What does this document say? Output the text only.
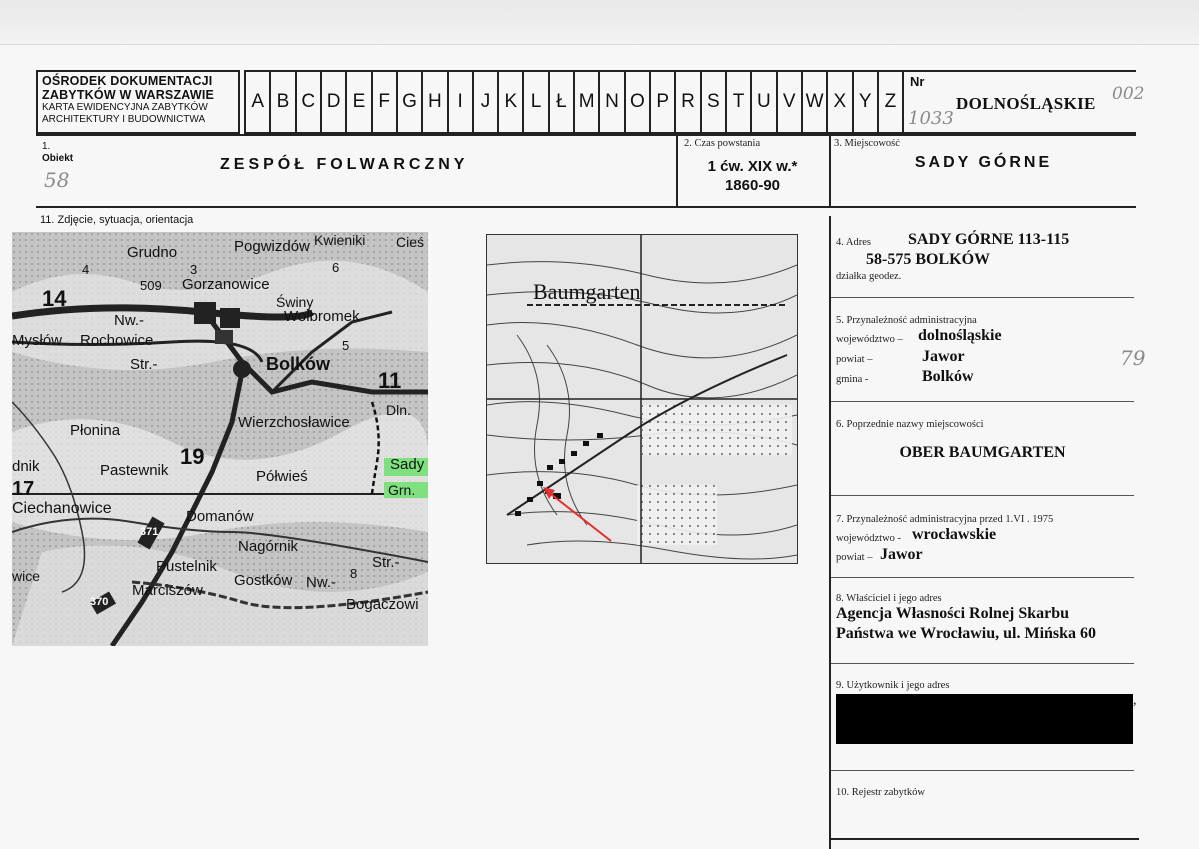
OŚRODEK DOKUMENTACJI
ZABYTKÓW W WARSZAWIE
KARTA EWIDENCYJNA ZABYTKÓW
ARCHITEKTURY I BUDOWNICTWA
A B C D E F G H I J K L Ł M N O P R S T U V W X Y Z
Nr
DOLNOŚLĄSKIE
1033
002
1.
Obiekt
58
ZESPÓŁ FOLWARCZNY
2. Czas powstania
1 ćw. XIX w.*
1860-90
3. Miejscowość
SADY GÓRNE
11. Zdjęcie, sytuacja, orientacja
Grudno	Pogwizdów Kwieniki Cieś
Gorzanowice
Świny
Wolbromek
Nw.-
Mysłów Rochowice
Str.-	Bolków
Płonina	Wierzchosławice
Dln.
Sady
Grn.
Pastewnik	Półwieś
Ciechanowice	Domanów
Nagórnik
Pustelnik
Gostków Nw.-
Str.-
Marciszów
Bogaczowi
dnik
wice
14
11
19
17
3
4
5
6
8
509
371
370
Baumgarten
4. Adres SADY GÓRNE 113-115
58-575 BOLKÓW
działka geodez.
5. Przynależność administracyjna
województwo – dolnośląskie
powiat –	Jawor
gmina -	Bolków
79
6. Poprzednie nazwy miejscowości
OBER BAUMGARTEN
7. Przynależność administracyjna przed 1.VI . 1975
województwo - wrocławskie
powiat – Jawor
8. Właściciel i jego adres
Agencja Własności Rolnej Skarbu
Państwa we Wrocławiu, ul. Mińska 60
9. Użytkownik i jego adres
,
10. Rejestr zabytków
